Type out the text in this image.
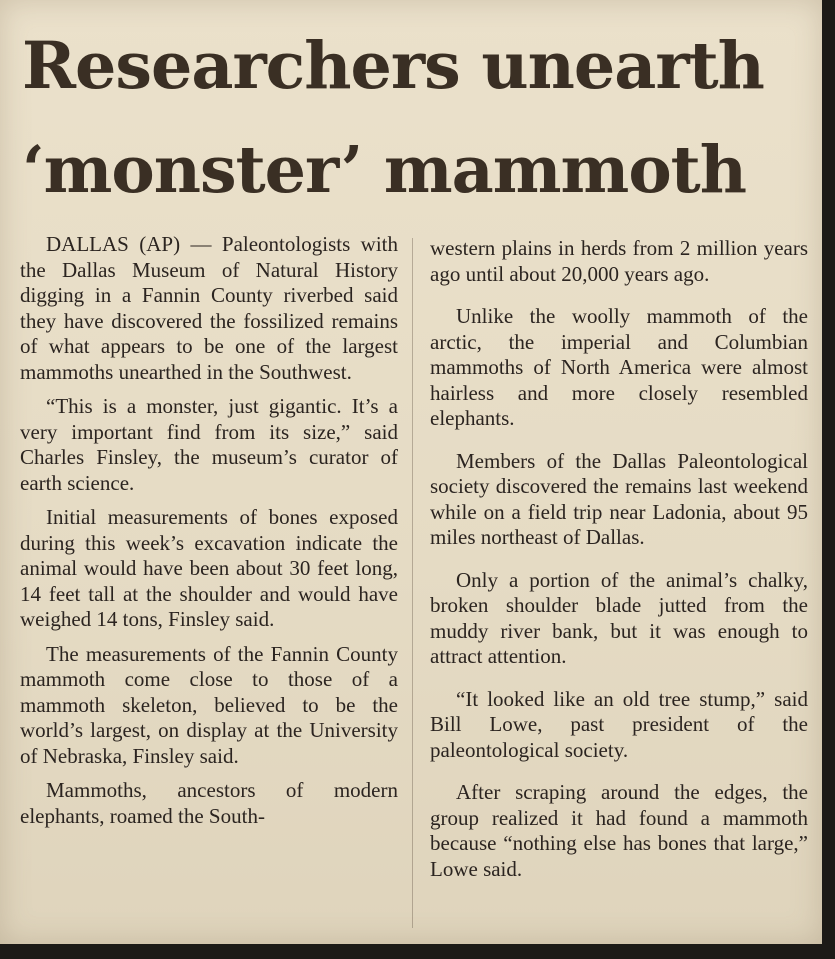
Researchers unearth
‘monster’ mammoth

DALLAS (AP) — Paleontologists with the Dallas Museum of Natural History digging in a Fannin County riverbed said they have discovered the fossilized remains of what appears to be one of the largest mammoths unearthed in the Southwest.

“This is a monster, just gigantic. It’s a very important find from its size,” said Charles Finsley, the museum’s curator of earth science.

Initial measurements of bones exposed during this week’s excavation indicate the animal would have been about 30 feet long, 14 feet tall at the shoulder and would have weighed 14 tons, Finsley said.

The measurements of the Fannin County mammoth come close to those of a mammoth skeleton, believed to be the world’s largest, on display at the University of Nebraska, Finsley said.

Mammoths, ancestors of modern elephants, roamed the South-

western plains in herds from 2 million years ago until about 20,000 years ago.

Unlike the woolly mammoth of the arctic, the imperial and Columbian mammoths of North America were almost hairless and more closely resembled elephants.

Members of the Dallas Paleontological society discovered the remains last weekend while on a field trip near Ladonia, about 95 miles northeast of Dallas.

Only a portion of the animal’s chalky, broken shoulder blade jutted from the muddy river bank, but it was enough to attract attention.

“It looked like an old tree stump,” said Bill Lowe, past president of the paleontological society.

After scraping around the edges, the group realized it had found a mammoth because “nothing else has bones that large,” Lowe said.
